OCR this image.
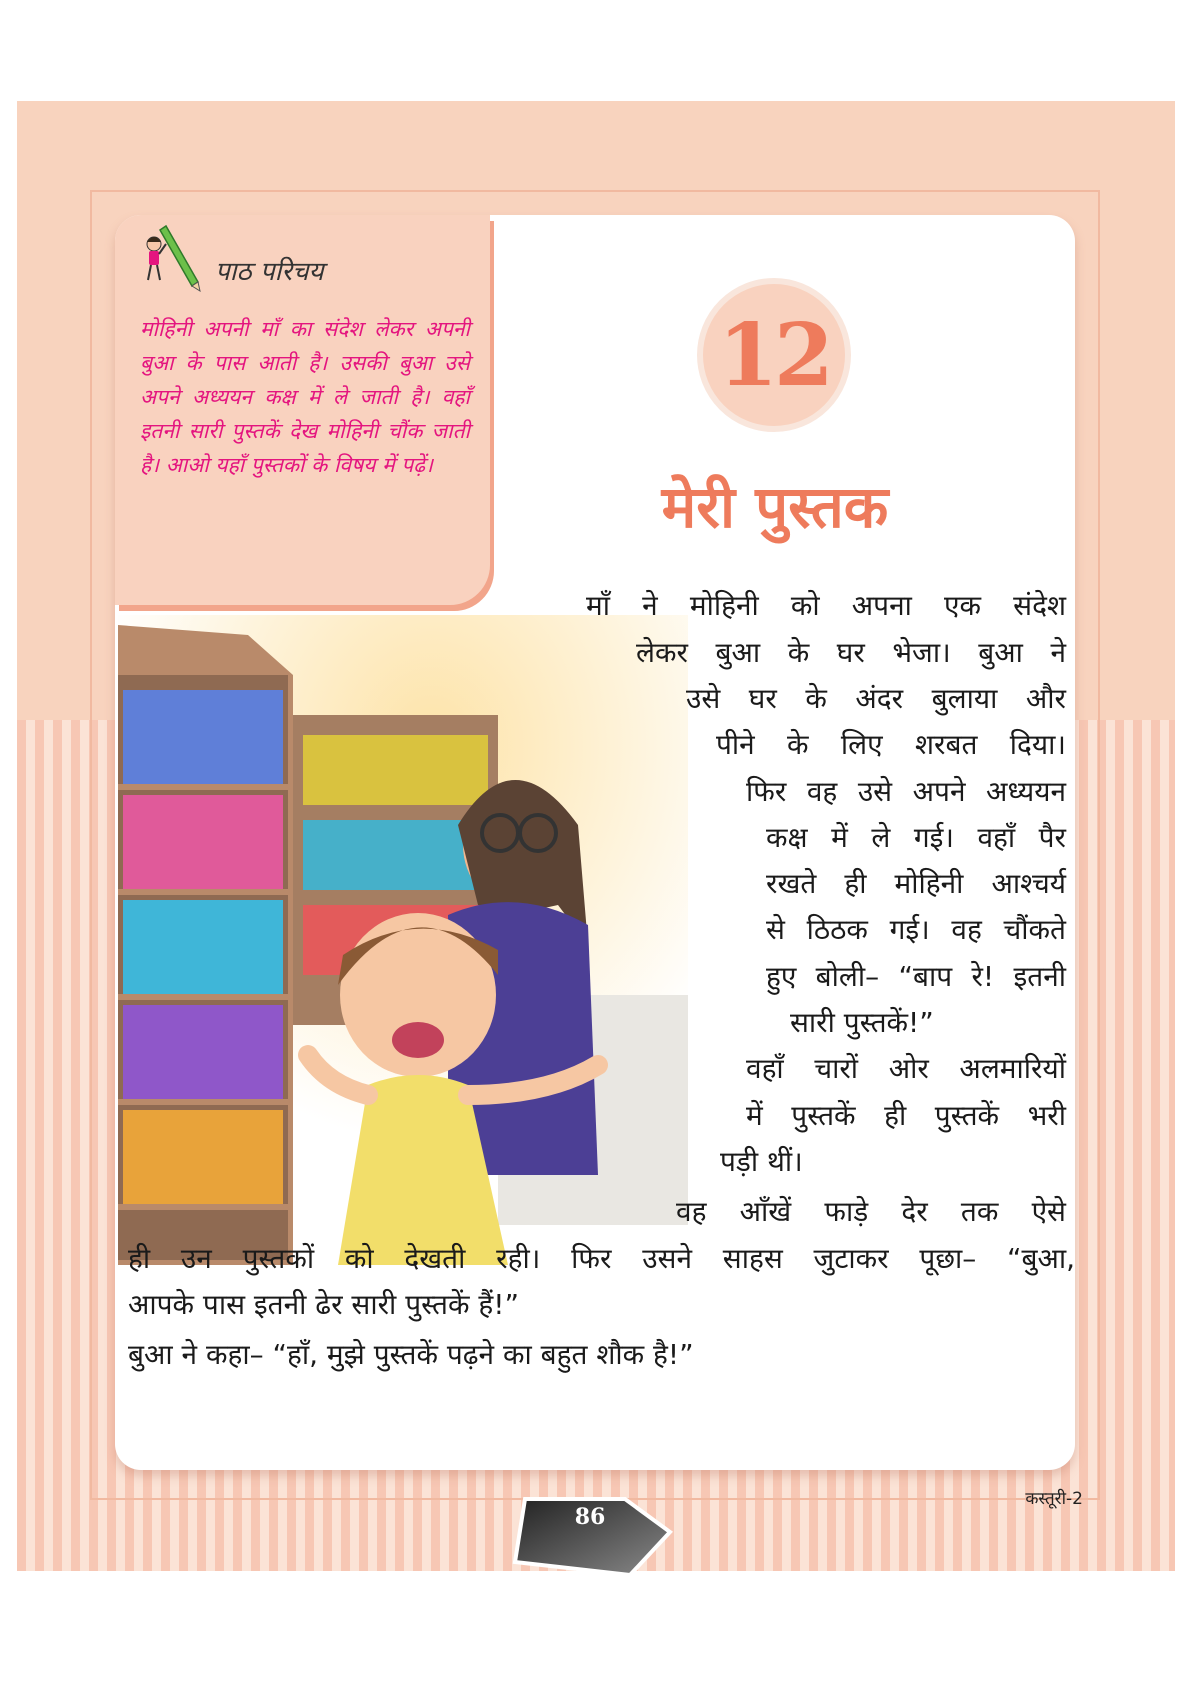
पाठ परिचय
मोहिनी अपनी माँ का संदेश लेकर अपनी बुआ के पास आती है। उसकी बुआ उसे अपने अध्ययन कक्ष में ले जाती है। वहाँ इतनी सारी पुस्तकें देख मोहिनी चौंक जाती है। आओ यहाँ पुस्तकों के विषय में पढ़ें।
12
मेरी पुस्तक
माँ ने मोहिनी को अपना एक संदेश
लेकर बुआ के घर भेजा। बुआ ने
उसे घर के अंदर बुलाया और
पीने के लिए शरबत दिया।
फिर वह उसे अपने अध्ययन
कक्ष में ले गई। वहाँ पैर
रखते ही मोहिनी आश्चर्य
से ठिठक गई। वह चौंकते
हुए बोली– “बाप रे! इतनी
सारी पुस्तकें!”
वहाँ चारों ओर अलमारियों
में पुस्तकें ही पुस्तकें भरी
पड़ी थीं।
वह आँखें फाड़े देर तक ऐसे
ही उन पुस्तकों को देखती रही। फिर उसने साहस जुटाकर पूछा– “बुआ,
आपके पास इतनी ढेर सारी पुस्तकें हैं!”
बुआ ने कहा– “हाँ, मुझे पुस्तकें पढ़ने का बहुत शौक है!”
86
कस्तूरी-2
